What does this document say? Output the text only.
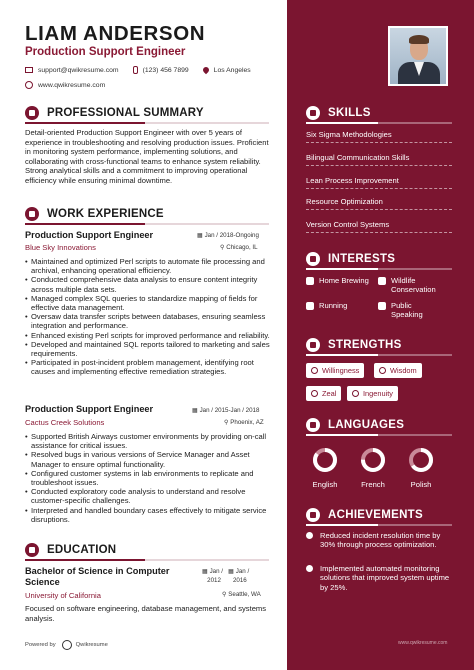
LIAM ANDERSON
Production Support Engineer
support@qwikresume.com	(123) 456 7899	Los Angeles
www.qwikresume.com
PROFESSIONAL SUMMARY
Detail-oriented Production Support Engineer with over 5 years of experience in troubleshooting and resolving production issues. Proficient in monitoring system performance, implementing solutions, and collaborating with cross-functional teams to enhance system reliability. Strong analytical skills and a commitment to improving operational efficiency while ensuring minimal downtime.
WORK EXPERIENCE
Production Support Engineer	▦ Jan / 2018-Ongoing
Blue Sky Innovations	⚲ Chicago, IL
• Maintained and optimized Perl scripts to automate file processing and archival, enhancing operational efficiency.
• Conducted comprehensive data analysis to ensure content integrity across multiple data sets.
• Managed complex SQL queries to standardize mapping of fields for effective data management.
• Oversaw data transfer scripts between databases, ensuring seamless integration and performance.
• Enhanced existing Perl scripts for improved performance and reliability.
• Developed and maintained SQL reports tailored to marketing and sales requirements.
• Participated in post-incident problem management, identifying root causes and implementing effective remediation strategies.
Production Support Engineer	▦ Jan / 2015-Jan / 2018
Cactus Creek Solutions	⚲ Phoenix, AZ
• Supported British Airways customer environments by providing on-call assistance for critical issues.
• Resolved bugs in various versions of Service Manager and Asset Manager to ensure optimal functionality.
• Configured customer systems in lab environments to replicate and troubleshoot issues.
• Conducted exploratory code analysis to understand and resolve customer-specific challenges.
• Interpreted and handled boundary cases effectively to mitigate service disruptions.
EDUCATION
Bachelor of Science in Computer Science
▦ Jan / ▦ Jan /
2012 2016
University of California	⚲ Seattle, WA
Focused on software engineering, database management, and systems analysis.
Powered by	Qwikresume
SKILLS
Six Sigma Methodologies
Bilingual Communication Skills
Lean Process Improvement
Resource Optimization
Version Control Systems
INTERESTS
Home Brewing	Wildlife Conservation
Running	Public Speaking
STRENGTHS
Willingness	Wisdom
Zeal	Ingenuity
LANGUAGES
English	French	Polish
ACHIEVEMENTS
Reduced incident resolution time by 30% through process optimization.
Implemented automated monitoring solutions that improved system uptime by 25%.
www.qwikresume.com
